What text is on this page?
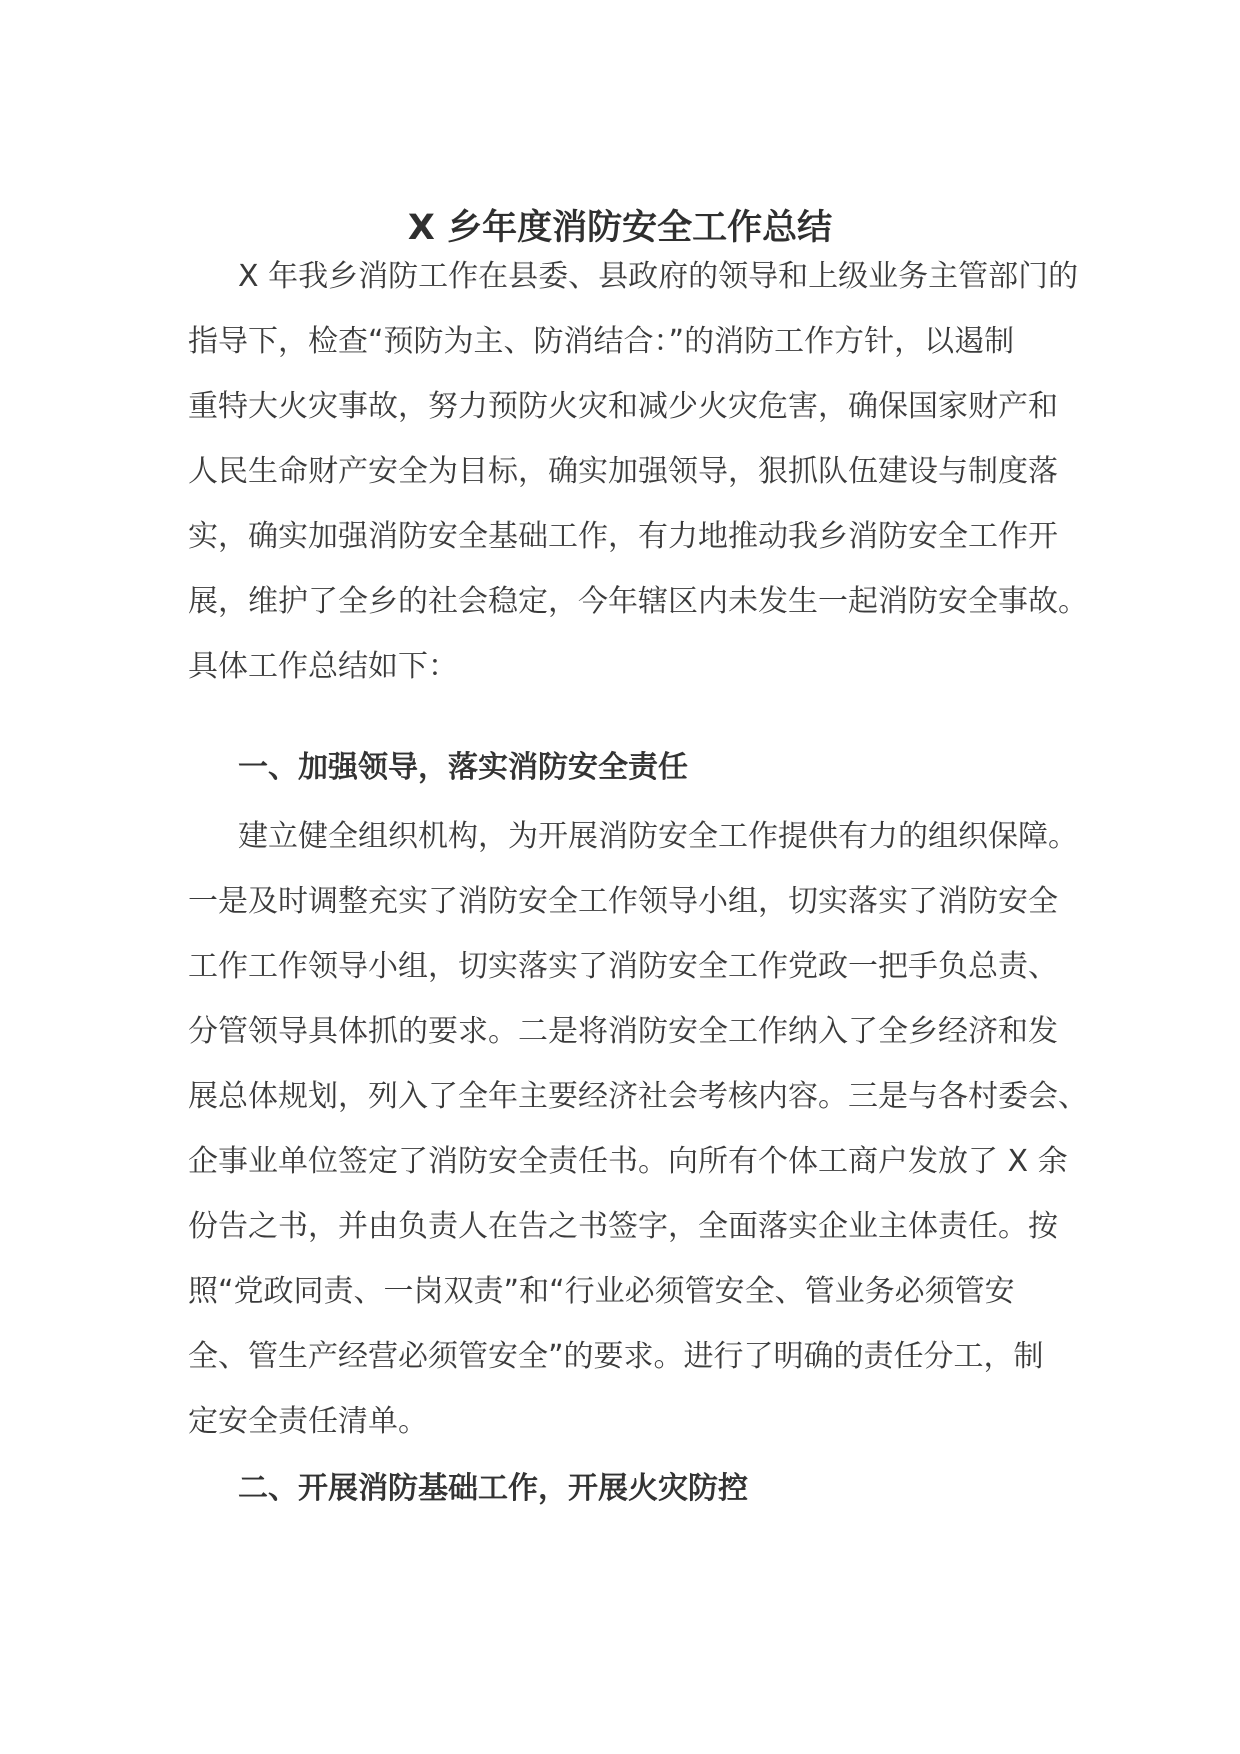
X 乡年度消防安全工作总结
X 年我乡消防工作在县委、县政府的领导和上级业务主管部门的
指导下，检查“预防为主、防消结合：”的消防工作方针，以遏制
重特大火灾事故，努力预防火灾和减少火灾危害，确保国家财产和
人民生命财产安全为目标，确实加强领导，狠抓队伍建设与制度落
实，确实加强消防安全基础工作，有力地推动我乡消防安全工作开
展，维护了全乡的社会稳定，今年辖区内未发生一起消防安全事故。
具体工作总结如下：
一、加强领导，落实消防安全责任
建立健全组织机构，为开展消防安全工作提供有力的组织保障。
一是及时调整充实了消防安全工作领导小组，切实落实了消防安全
工作工作领导小组，切实落实了消防安全工作党政一把手负总责、
分管领导具体抓的要求。二是将消防安全工作纳入了全乡经济和发
展总体规划，列入了全年主要经济社会考核内容。三是与各村委会、
企事业单位签定了消防安全责任书。向所有个体工商户发放了 X 余
份告之书，并由负责人在告之书签字，全面落实企业主体责任。按
照“党政同责、一岗双责”和“行业必须管安全、管业务必须管安
全、管生产经营必须管安全”的要求。进行了明确的责任分工，制
定安全责任清单。
二、开展消防基础工作，开展火灾防控
